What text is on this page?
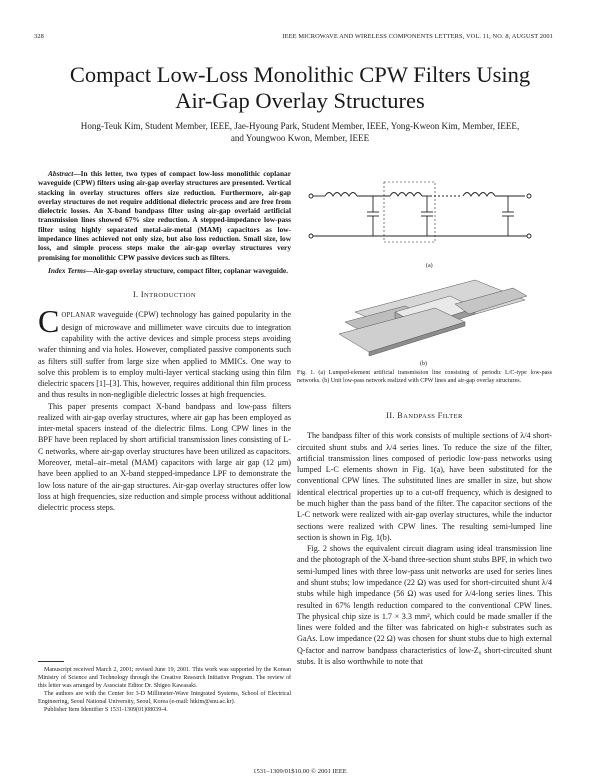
328	IEEE MICROWAVE AND WIRELESS COMPONENTS LETTERS, VOL. 11, NO. 8, AUGUST 2001
Compact Low-Loss Monolithic CPW Filters Using
Air-Gap Overlay Structures
Hong-Teuk Kim, Student Member, IEEE, Jae-Hyoung Park, Student Member, IEEE, Yong-Kweon Kim, Member, IEEE,
and Youngwoo Kwon, Member, IEEE

Abstract—In this letter, two types of compact low-loss monolithic coplanar waveguide (CPW) filters using air-gap overlay structures are presented. Vertical stacking in overlay structures offers size reduction. Furthermore, air-gap overlay structures do not require additional dielectric process and are free from dielectric losses. An X-band bandpass filter using air-gap overlaid artificial transmission lines showed 67% size reduction. A stepped-impedance low-pass filter using highly separated metal-air-metal (MAM) capacitors as low-impedance lines achieved not only size, but also loss reduction. Small size, low loss, and simple process steps make the air-gap overlay structures very promising for monolithic CPW passive devices such as filters.

Index Terms—Air-gap overlay structure, compact filter, coplanar waveguide.

I. INTRODUCTION

COPLANAR waveguide (CPW) technology has gained popularity in the design of microwave and millimeter wave circuits due to integration capability with the active devices and simple process steps avoiding wafer thinning and via holes. However, compliated passive components such as filters still suffer from large size when applied to MMICs. One way to solve this problem is to employ multi-layer vertical stacking using thin film dielectric spacers [1]–[3]. This, however, requires additional thin film process and thus results in non-negligible dielectric losses at high frequencies.

This paper presents compact X-band bandpass and low-pass filters realized with air-gap overlay structures, where air gap has been employed as inter-metal spacers instead of the dielectric films. Long CPW lines in the BPF have been replaced by short artificial transmission lines consisting of L-C networks, where air-gap overlay structures have been utilized as capacitors. Moreover, metal–air–metal (MAM) capacitors with large air gap (12 μm) have been applied to an X-band stepped-impedance LPF to demonstrate the low loss nature of the air-gap structures. Air-gap overlay structures offer low loss at high frequencies, size reduction and simple process without additional dielectric process steps.

Manuscript received March 2, 2001; revised June 19, 2001. This work was supported by the Korean Ministry of Science and Technology through the Creative Research Initiative Program. The review of this letter was arranged by Associate Editor Dr. Shigeo Kawasaki.

The authors are with the Center for 3-D Millimeter-Wave Integrated Systems, School of Electrical Engineering, Seoul National University, Seoul, Korea (e-mail: htkim@snu.ac.kr).

Publisher Item Identifier S 1531-1309(01)08039-4.

(a)
(b)
Fig. 1. (a) Lumped-element artificial transmission line consisting of periodic L/C-type low-pass networks. (b) Unit low-pass network realized with CPW lines and air-gap overlay structures.

II. BANDPASS FILTER

The bandpass filter of this work consists of multiple sections of λ/4 short-circuited shunt stubs and λ/4 series lines. To reduce the size of the filter, artificial transmission lines composed of periodic low-pass networks using lumped L-C elements shown in Fig. 1(a), have been substituted for the conventional CPW lines. The substituted lines are smaller in size, but show identical electrical properties up to a cut-off frequency, which is designed to be much higher than the pass band of the filter. The capacitor sections of the L-C network were realized with air-gap overlay structures, while the inductor sections were realized with CPW lines. The resulting semi-lumped line section is shown in Fig. 1(b).

Fig. 2 shows the equivalent circuit diagram using ideal transmission line and the photograph of the X-band three-section shunt stubs BPF, in which two semi-lumped lines with three low-pass unit networks are used for series lines and shunt stubs; low impedance (22 Ω) was used for short-circuited shunt λ/4 stubs while high impedance (56 Ω) was used for λ/4-long series lines. This resulted in 67% length reduction compared to the conventional CPW lines. The physical chip size is 1.7 × 3.3 mm², which could be made smaller if the lines were folded and the filter was fabricated on high-ε substrates such as GaAs. Low impedance (22 Ω) was chosen for shunt stubs due to high external Q-factor and narrow bandpass characteristics of low-Z₀ short-circuited shunt stubs. It is also worthwhile to note that

1531–1309/01$10.00 © 2001 IEEE
